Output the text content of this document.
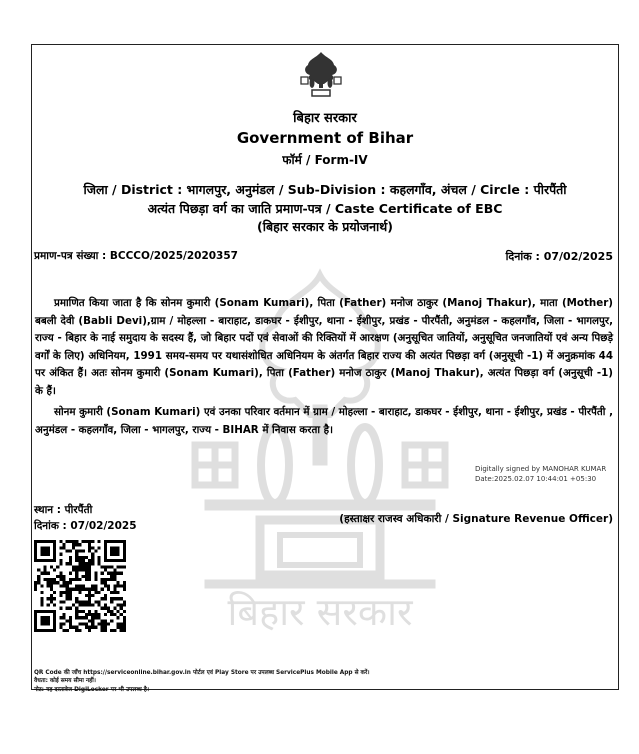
बिहार सरकार
बिहार सरकार
Government of Bihar
फॉर्म / Form-IV
जिला / District : भागलपुर, अनुमंडल / Sub-Division : कहलगाँव, अंचल / Circle : पीरपैंती
अत्यंत पिछड़ा वर्ग का जाति प्रमाण-पत्र / Caste Certificate of EBC
(बिहार सरकार के प्रयोजनार्थ)
प्रमाण-पत्र संख्या : BCCCO/2025/2020357	दिनांक : 07/02/2025
प्रमाणित किया जाता है कि सोनम कुमारी (Sonam Kumari), पिता (Father) मनोज ठाकुर (Manoj Thakur), माता (Mother) बबली देवी (Babli Devi),ग्राम / मोहल्ला - बाराहाट, डाकघर - ईशीपुर, थाना - ईशीपुर, प्रखंड - पीरपैंती, अनुमंडल - कहलगाँव, जिला - भागलपुर, राज्य - बिहार के नाई समुदाय के सदस्य हैं, जो बिहार पदों एवं सेवाओं की रिक्तियों में आरक्षण (अनुसूचित जातियों, अनुसूचित जनजातियों एवं अन्य पिछड़े वर्गों के लिए) अधिनियम, 1991 समय-समय पर यथासंशोधित अधिनियम के अंतर्गत बिहार राज्य की अत्यंत पिछड़ा वर्ग (अनुसूची -1) में अनुक्रमांक 44 पर अंकित हैं। अतः सोनम कुमारी (Sonam Kumari), पिता (Father) मनोज ठाकुर (Manoj Thakur), अत्यंत पिछड़ा वर्ग (अनुसूची -1) के हैं।
सोनम कुमारी (Sonam Kumari) एवं उनका परिवार वर्तमान में ग्राम / मोहल्ला - बाराहाट, डाकघर - ईशीपुर, थाना - ईशीपुर, प्रखंड - पीरपैंती , अनुमंडल - कहलगाँव, जिला - भागलपुर, राज्य - BIHAR में निवास करता है।
Digitally signed by MANOHAR KUMAR
Date:2025.02.07 10:44:01 +05:30
स्थान : पीरपैंती
दिनांक : 07/02/2025
(हस्ताक्षर राजस्व अधिकारी / Signature Revenue Officer)
QR Code की जाँच https://serviceonline.bihar.gov.in पोर्टल एवं Play Store पर उपलब्ध ServicePlus Mobile App से करें।
वैधता: कोई समय सीमा नहीं।
नोट: यह दस्तावेज DigiLocker पर भी उपलब्ध है।
